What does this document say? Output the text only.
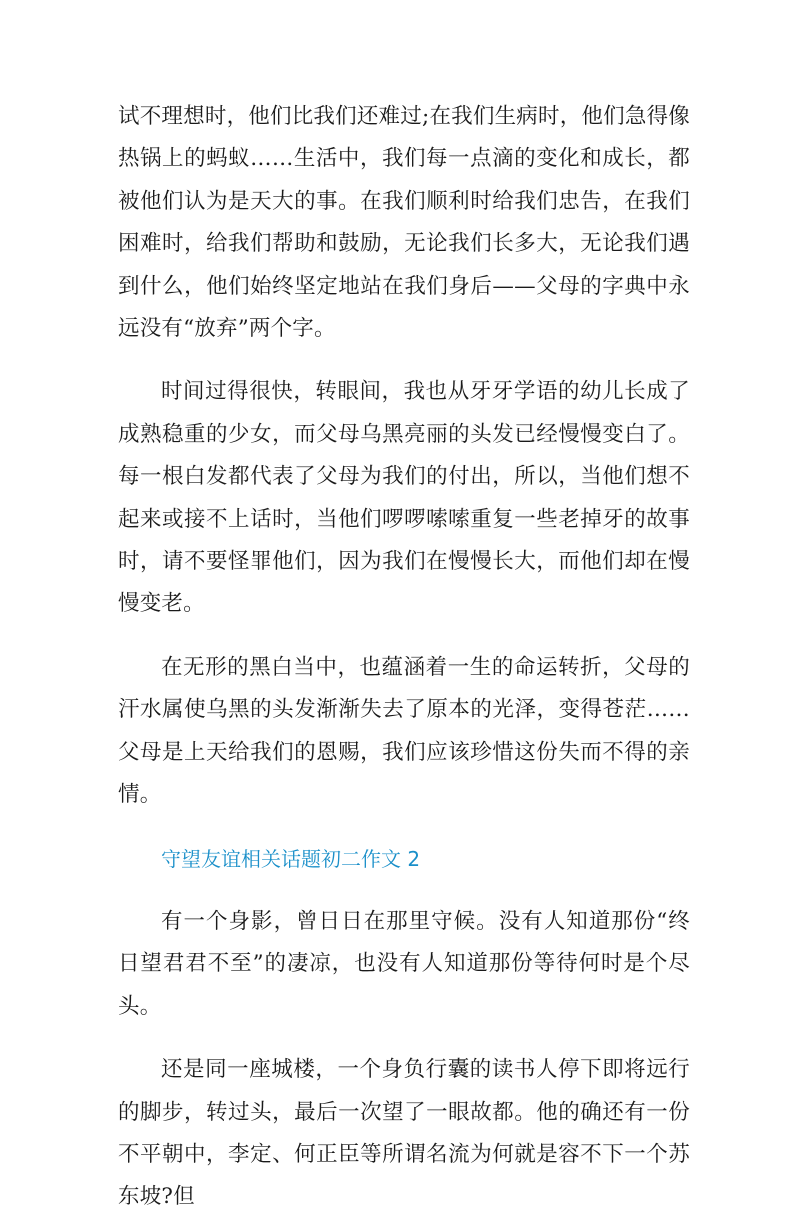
试不理想时，他们比我们还难过;在我们生病时，他们急得像热锅上的蚂蚁……生活中，我们每一点滴的变化和成长，都被他们认为是天大的事。在我们顺利时给我们忠告，在我们困难时，给我们帮助和鼓励，无论我们长多大，无论我们遇到什么，他们始终坚定地站在我们身后——父母的字典中永远没有“放弃”两个字。

时间过得很快，转眼间，我也从牙牙学语的幼儿长成了成熟稳重的少女，而父母乌黑亮丽的头发已经慢慢变白了。每一根白发都代表了父母为我们的付出，所以，当他们想不起来或接不上话时，当他们啰啰嗦嗦重复一些老掉牙的故事时，请不要怪罪他们，因为我们在慢慢长大，而他们却在慢慢变老。

在无形的黑白当中，也蕴涵着一生的命运转折，父母的汗水属使乌黑的头发渐渐失去了原本的光泽，变得苍茫……父母是上天给我们的恩赐，我们应该珍惜这份失而不得的亲情。

守望友谊相关话题初二作文 2

有一个身影，曾日日在那里守候。没有人知道那份“终日望君君不至”的凄凉，也没有人知道那份等待何时是个尽头。

还是同一座城楼，一个身负行囊的读书人停下即将远行的脚步，转过头，最后一次望了一眼故都。他的确还有一份不平朝中，李定、何正臣等所谓名流为何就是容不下一个苏东坡?但
